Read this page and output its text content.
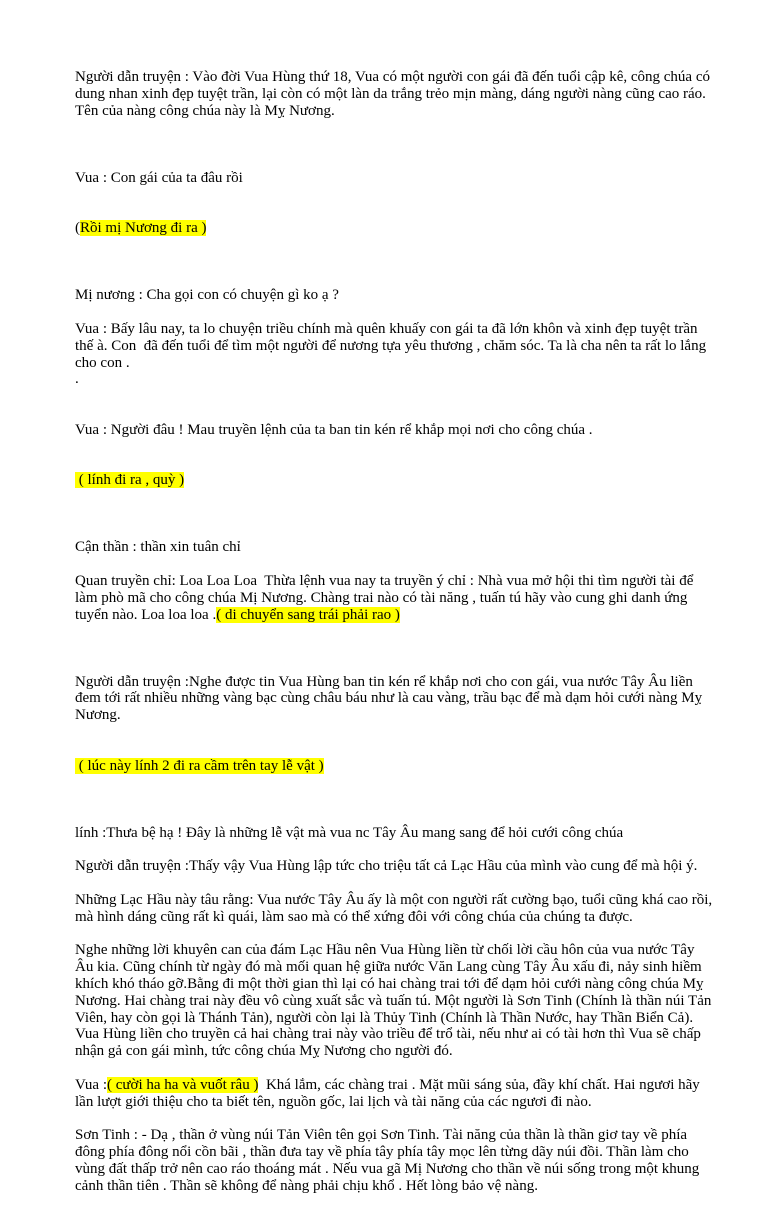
Người dẫn truyện : Vào đời Vua Hùng thứ 18, Vua có một người con gái đã đến tuổi cập kê, công chúa có dung nhan xinh đẹp tuyệt trần, lại còn có một làn da trắng trẻo mịn màng, dáng người nàng cũng cao ráo. Tên của nàng công chúa này là Mỵ Nương.

Vua : Con gái của ta đâu rồi

(Rồi mị Nương đi ra )

Mị nương : Cha gọi con có chuyện gì ko ạ ?

Vua : Bấy lâu nay, ta lo chuyện triều chính mà quên khuấy con gái ta đã lớn khôn và xinh đẹp tuyệt trần thế à. Con  đã đến tuổi để tìm một người để nương tựa yêu thương , chăm sóc. Ta là cha nên ta rất lo lắng cho con .

.

Vua : Người đâu ! Mau truyền lệnh của ta ban tin kén rể khắp mọi nơi cho công chúa .

( lính đi ra , quỳ )

Cận thần : thần xin tuân chỉ

Quan truyền chỉ: Loa Loa Loa  Thừa lệnh vua nay ta truyền ý chỉ : Nhà vua mở hội thi tìm người tài để làm phò mã cho công chúa Mị Nương. Chàng trai nào có tài năng , tuấn tú hãy vào cung ghi danh ứng tuyển nào. Loa loa loa .( di chuyển sang trái phải rao )

Người dẫn truyện :Nghe được tin Vua Hùng ban tin kén rể khắp nơi cho con gái, vua nước Tây Âu liền đem tới rất nhiều những vàng bạc cùng châu báu như là cau vàng, trầu bạc để mà dạm hỏi cưới nàng Mỵ Nương.

( lúc này lính 2 đi ra cầm trên tay lễ vật )

lính :Thưa bệ hạ ! Đây là những lễ vật mà vua nc Tây Âu mang sang để hỏi cưới công chúa

Người dẫn truyện :Thấy vậy Vua Hùng lập tức cho triệu tất cả Lạc Hầu của mình vào cung để mà hội ý.

Những Lạc Hầu này tâu rằng: Vua nước Tây Âu ấy là một con người rất cường bạo, tuổi cũng khá cao rồi, mà hình dáng cũng rất kì quái, làm sao mà có thể xứng đôi với công chúa của chúng ta được.

Nghe những lời khuyên can của đám Lạc Hầu nên Vua Hùng liền từ chối lời cầu hôn của vua nước Tây Âu kia. Cũng chính từ ngày đó mà mối quan hệ giữa nước Văn Lang cùng Tây Âu xấu đi, nảy sinh hiềm khích khó tháo gỡ.Bằng đi một thời gian thì lại có hai chàng trai tới để dạm hỏi cưới nàng công chúa Mỵ Nương. Hai chàng trai này đều vô cùng xuất sắc và tuấn tú. Một người là Sơn Tinh (Chính là thần núi Tản Viên, hay còn gọi là Thánh Tản), người còn lại là Thủy Tinh (Chính là Thần Nước, hay Thần Biển Cả).

Vua Hùng liền cho truyền cả hai chàng trai này vào triều để trổ tài, nếu như ai có tài hơn thì Vua sẽ chấp nhận gả con gái mình, tức công chúa Mỵ Nương cho người đó.

Vua :( cười ha ha và vuốt râu )  Khá lắm, các chàng trai . Mặt mũi sáng sủa, đầy khí chất. Hai ngươi hãy lần lượt giới thiệu cho ta biết tên, nguồn gốc, lai lịch và tài năng của các ngươi đi nào.

Sơn Tinh : - Dạ , thần ở vùng núi Tản Viên tên gọi Sơn Tinh. Tài năng của thần là thần giơ tay về phía đông phía đông nổi cồn bãi , thần đưa tay về phía tây phía tây mọc lên từng dãy núi đồi. Thần làm cho vùng đất thấp trở nên cao ráo thoáng mát . Nếu vua gã Mị Nương cho thần về núi sống trong một khung cảnh thần tiên . Thần sẽ không để nàng phải chịu khổ . Hết lòng bảo vệ nàng.
